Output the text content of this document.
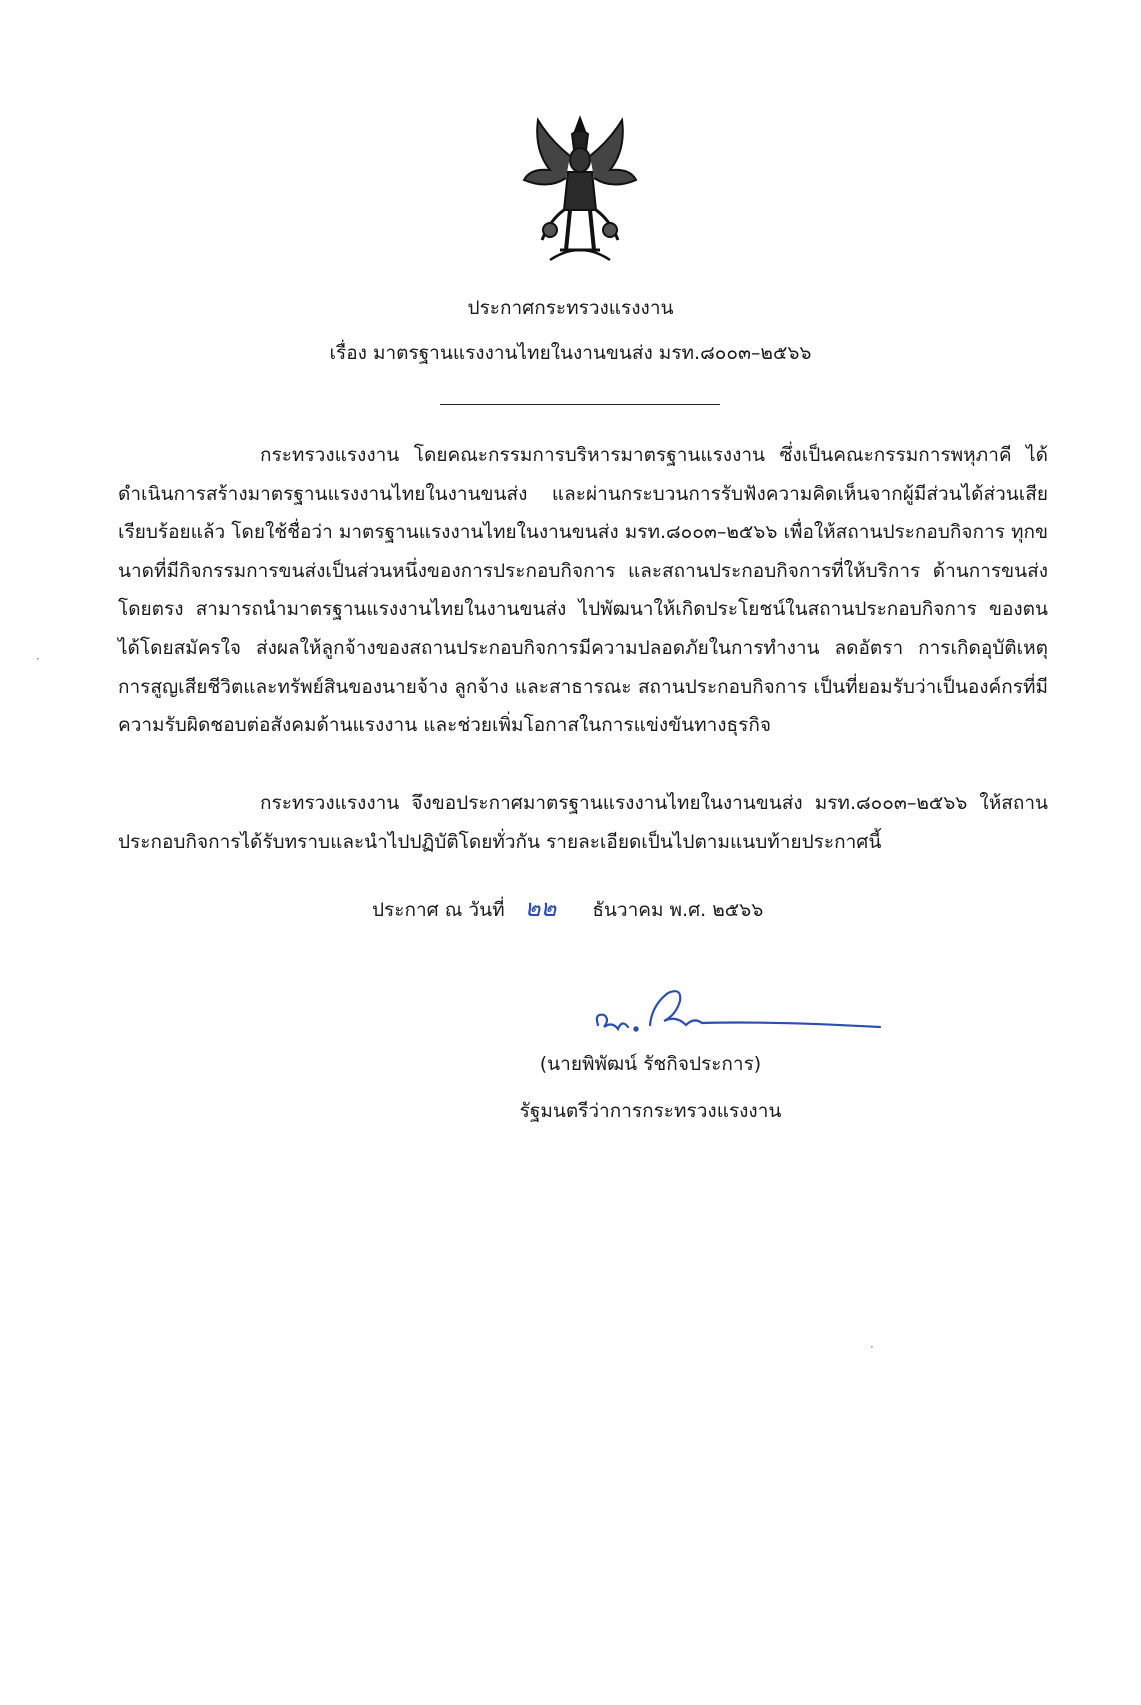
ประกาศกระทรวงแรงงาน
เรื่อง มาตรฐานแรงงานไทยในงานขนส่ง มรท.๘๐๐๓–๒๕๖๖

กระทรวงแรงงาน โดยคณะกรรมการบริหารมาตรฐานแรงงาน ซึ่งเป็นคณะกรรมการพหุภาคี ได้ดำเนินการสร้างมาตรฐานแรงงานไทยในงานขนส่ง และผ่านกระบวนการรับฟังความคิดเห็นจากผู้มีส่วนได้ส่วนเสีย เรียบร้อยแล้ว โดยใช้ชื่อว่า มาตรฐานแรงงานไทยในงานขนส่ง มรท.๘๐๐๓–๒๕๖๖ เพื่อให้สถานประกอบกิจการ ทุกขนาดที่มีกิจกรรมการขนส่งเป็นส่วนหนึ่งของการประกอบกิจการ และสถานประกอบกิจการที่ให้บริการ ด้านการขนส่งโดยตรง สามารถนำมาตรฐานแรงงานไทยในงานขนส่ง ไปพัฒนาให้เกิดประโยชน์ในสถานประกอบกิจการ ของตนได้โดยสมัครใจ ส่งผลให้ลูกจ้างของสถานประกอบกิจการมีความปลอดภัยในการทำงาน ลดอัตรา การเกิดอุบัติเหตุ การสูญเสียชีวิตและทรัพย์สินของนายจ้าง ลูกจ้าง และสาธารณะ สถานประกอบกิจการ เป็นที่ยอมรับว่าเป็นองค์กรที่มีความรับผิดชอบต่อสังคมด้านแรงงาน และช่วยเพิ่มโอกาสในการแข่งขันทางธุรกิจ

กระทรวงแรงงาน จึงขอประกาศมาตรฐานแรงงานไทยในงานขนส่ง มรท.๘๐๐๓–๒๕๖๖ ให้สถานประกอบกิจการได้รับทราบและนำไปปฏิบัติโดยทั่วกัน รายละเอียดเป็นไปตามแนบท้ายประกาศนี้

ประกาศ ณ วันที่ ๒๒ ธันวาคม พ.ศ. ๒๕๖๖
(นายพิพัฒน์ รัชกิจประการ)
รัฐมนตรีว่าการกระทรวงแรงงาน
·
·
